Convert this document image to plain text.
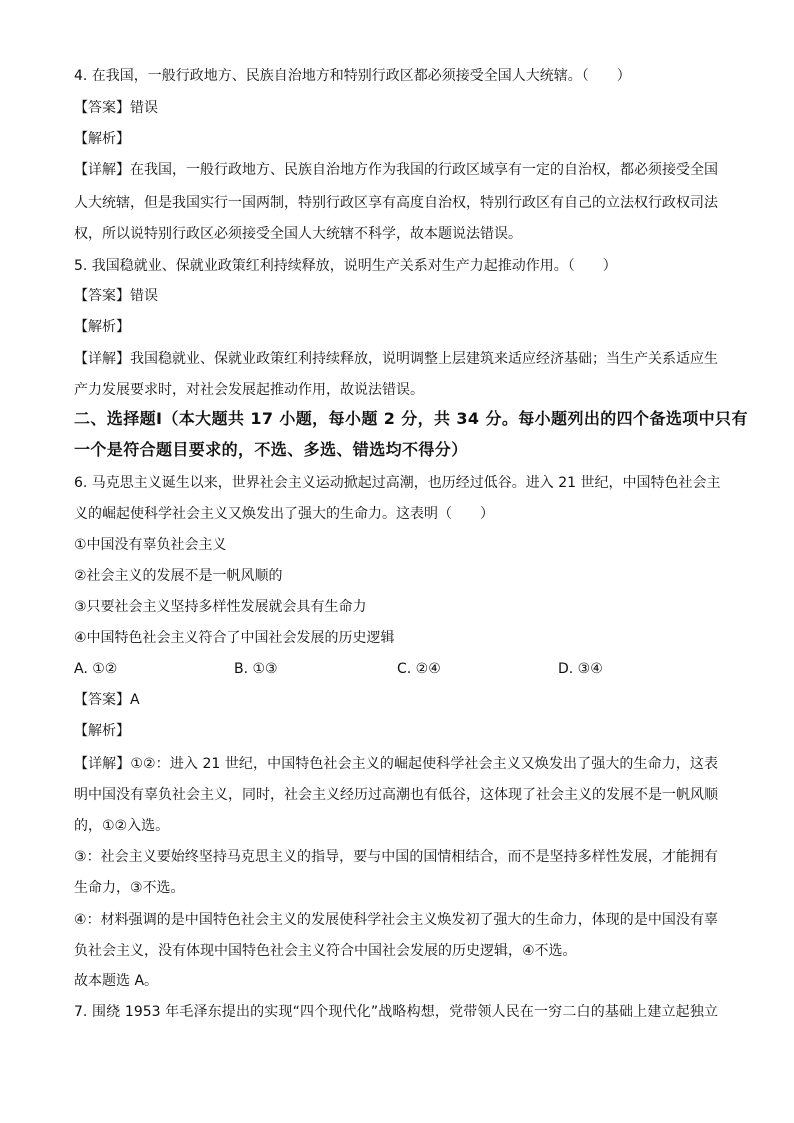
4. 在我国，一般行政地方、民族自治地方和特别行政区都必须接受全国人大统辖。（　　）
【答案】错误
【解析】
【详解】在我国，一般行政地方、民族自治地方作为我国的行政区域享有一定的自治权，都必须接受全国
人大统辖，但是我国实行一国两制，特别行政区享有高度自治权，特别行政区有自己的立法权行政权司法
权，所以说特别行政区必须接受全国人大统辖不科学，故本题说法错误。
5. 我国稳就业、保就业政策红利持续释放，说明生产关系对生产力起推动作用。（　　）
【答案】错误
【解析】
【详解】我国稳就业、保就业政策红利持续释放，说明调整上层建筑来适应经济基础；当生产关系适应生
产力发展要求时，对社会发展起推动作用，故说法错误。
二、选择题Ⅰ（本大题共 17 小题，每小题 2 分，共 34 分。每小题列出的四个备选项中只有
一个是符合题目要求的，不选、多选、错选均不得分）
6. 马克思主义诞生以来，世界社会主义运动掀起过高潮，也历经过低谷。进入 21 世纪，中国特色社会主
义的崛起使科学社会主义又焕发出了强大的生命力。这表明（　　）
①中国没有辜负社会主义
②社会主义的发展不是一帆风顺的
③只要社会主义坚持多样性发展就会具有生命力
④中国特色社会主义符合了中国社会发展的历史逻辑
A. ①②	B. ①③	C. ②④	D. ③④
【答案】A
【解析】
【详解】①②：进入 21 世纪，中国特色社会主义的崛起使科学社会主义又焕发出了强大的生命力，这表
明中国没有辜负社会主义，同时，社会主义经历过高潮也有低谷，这体现了社会主义的发展不是一帆风顺
的，①②入选。
③：社会主义要始终坚持马克思主义的指导，要与中国的国情相结合，而不是坚持多样性发展，才能拥有
生命力，③不选。
④：材料强调的是中国特色社会主义的发展使科学社会主义焕发初了强大的生命力，体现的是中国没有辜
负社会主义，没有体现中国特色社会主义符合中国社会发展的历史逻辑，④不选。
故本题选 A。
7. 围绕 1953 年毛泽东提出的实现“四个现代化”战略构想，党带领人民在一穷二白的基础上建立起独立
